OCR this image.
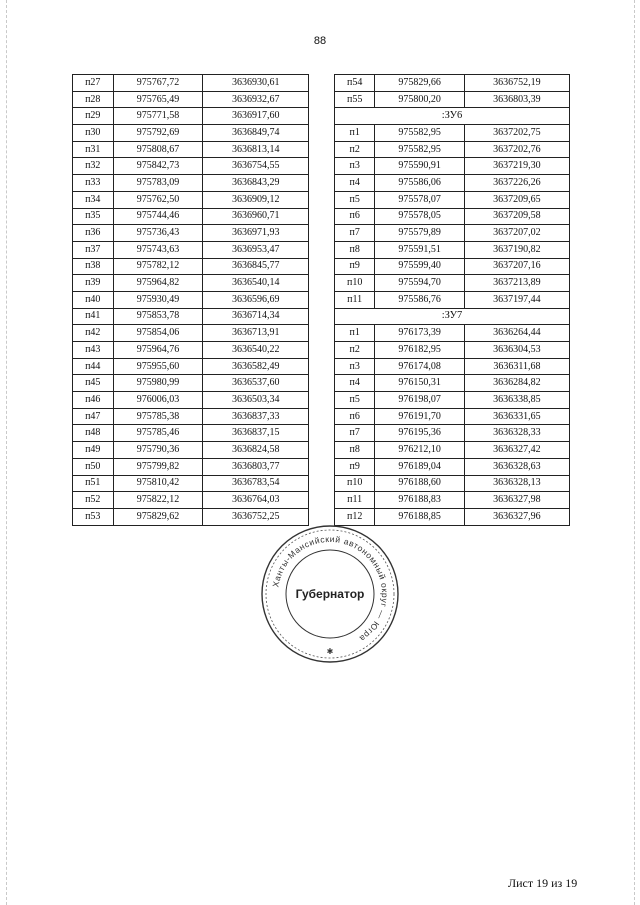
88
п27	975767,72	3636930,61
п28	975765,49	3636932,67
п29	975771,58	3636917,60
п30	975792,69	3636849,74
п31	975808,67	3636813,14
п32	975842,73	3636754,55
п33	975783,09	3636843,29
п34	975762,50	3636909,12
п35	975744,46	3636960,71
п36	975736,43	3636971,93
п37	975743,63	3636953,47
п38	975782,12	3636845,77
п39	975964,82	3636540,14
п40	975930,49	3636596,69
п41	975853,78	3636714,34
п42	975854,06	3636713,91
п43	975964,76	3636540,22
п44	975955,60	3636582,49
п45	975980,99	3636537,60
п46	976006,03	3636503,34
п47	975785,38	3636837,33
п48	975785,46	3636837,15
п49	975790,36	3636824,58
п50	975799,82	3636803,77
п51	975810,42	3636783,54
п52	975822,12	3636764,03
п53	975829,62	3636752,25
п54	975829,66	3636752,19
п55	975800,20	3636803,39
:ЗУ6		
п1	975582,95	3637202,75
п2	975582,95	3637202,76
п3	975590,91	3637219,30
п4	975586,06	3637226,26
п5	975578,07	3637209,65
п6	975578,05	3637209,58
п7	975579,89	3637207,02
п8	975591,51	3637190,82
п9	975599,40	3637207,16
п10	975594,70	3637213,89
п11	975586,76	3637197,44
:ЗУ7		
п1	976173,39	3636264,44
п2	976182,95	3636304,53
п3	976174,08	3636311,68
п4	976150,31	3636284,82
п5	976198,07	3636338,85
п6	976191,70	3636331,65
п7	976195,36	3636328,33
п8	976212,10	3636327,42
п9	976189,04	3636328,63
п10	976188,60	3636328,13
п11	976188,83	3636327,98
п12	976188,85	3636327,96
Ханты-Мансийский автономный округ — Югра
Губернатор
✱
Лист 19 из 19
